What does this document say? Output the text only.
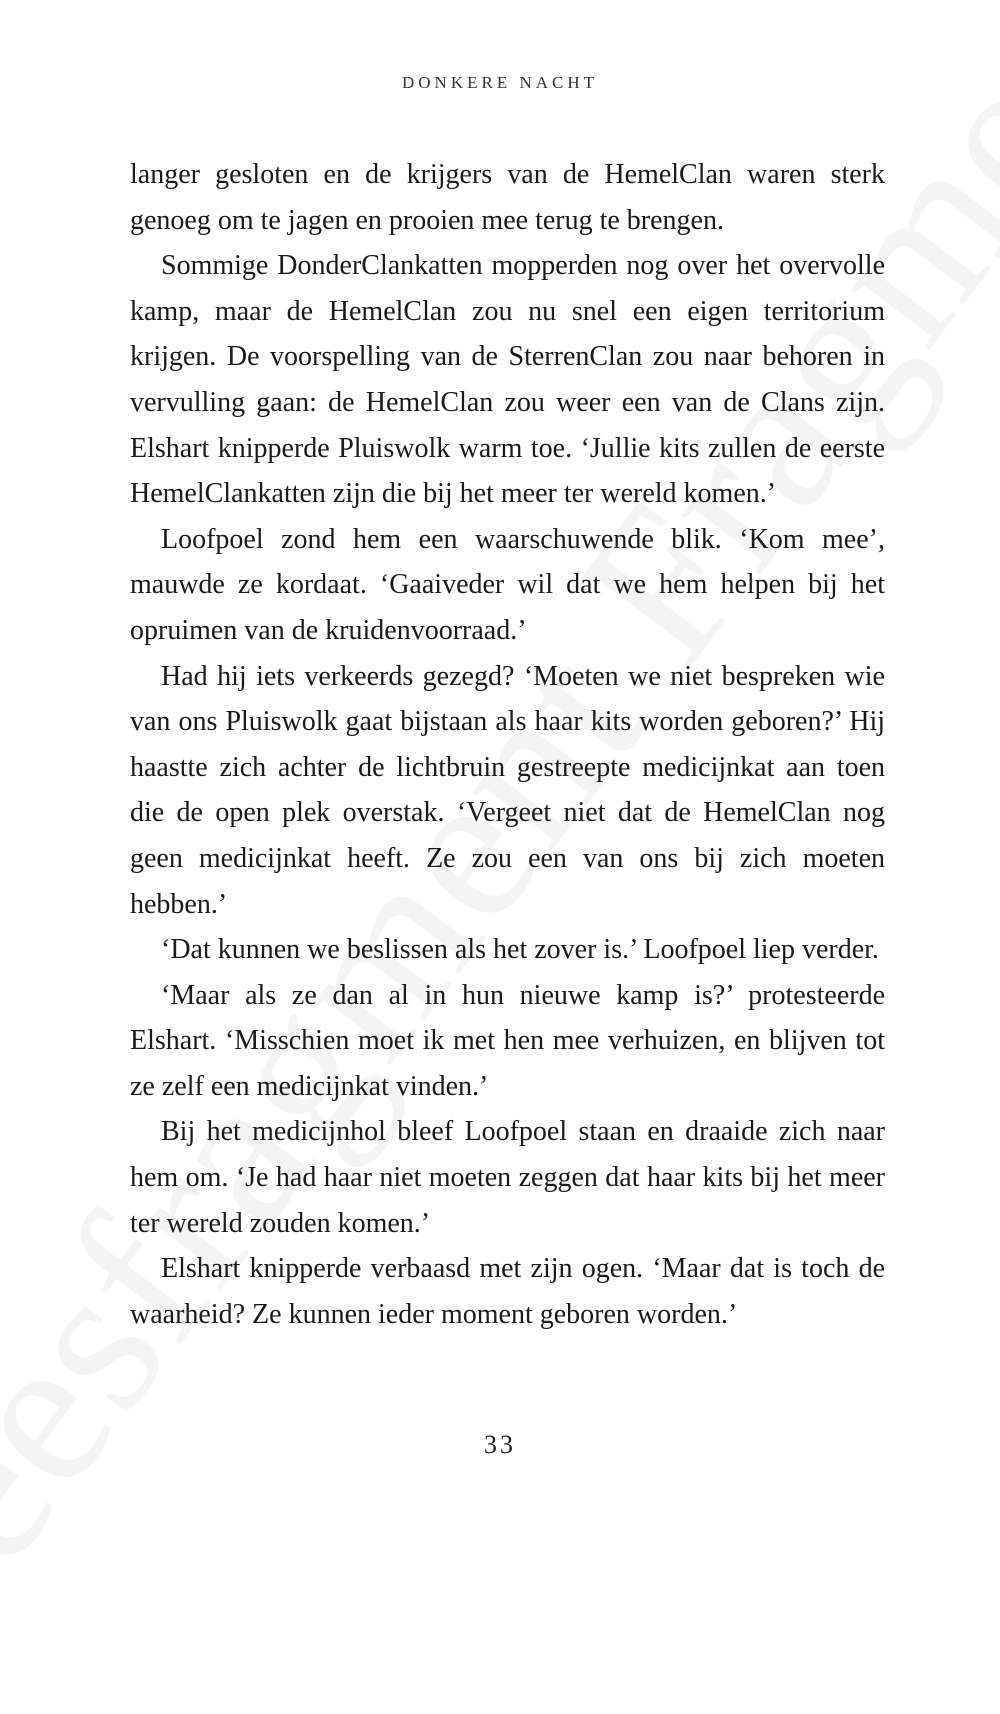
DONKERE NACHT

langer gesloten en de krijgers van de HemelClan waren sterk genoeg om te jagen en prooien mee terug te brengen.

Sommige DonderClankatten mopperden nog over het overvolle kamp, maar de HemelClan zou nu snel een eigen territorium krijgen. De voorspelling van de SterrenClan zou naar behoren in vervulling gaan: de HemelClan zou weer een van de Clans zijn. Elshart knipperde Pluiswolk warm toe. ‘Jullie kits zullen de eerste HemelClankatten zijn die bij het meer ter wereld komen.’

Loofpoel zond hem een waarschuwende blik. ‘Kom mee’, mauwde ze kordaat. ‘Gaaiveder wil dat we hem helpen bij het opruimen van de kruidenvoorraad.’

Had hij iets verkeerds gezegd? ‘Moeten we niet bespreken wie van ons Pluiswolk gaat bijstaan als haar kits worden geboren?’ Hij haastte zich achter de lichtbruin gestreepte medicijnkat aan toen die de open plek overstak. ‘Vergeet niet dat de HemelClan nog geen medicijnkat heeft. Ze zou een van ons bij zich moeten hebben.’

‘Dat kunnen we beslissen als het zover is.’ Loofpoel liep verder.

‘Maar als ze dan al in hun nieuwe kamp is?’ protesteerde Elshart. ‘Misschien moet ik met hen mee verhuizen, en blijven tot ze zelf een medicijnkat vinden.’

Bij het medicijnhol bleef Loofpoel staan en draaide zich naar hem om. ‘Je had haar niet moeten zeggen dat haar kits bij het meer ter wereld zouden komen.’

Elshart knipperde verbaasd met zijn ogen. ‘Maar dat is toch de waarheid? Ze kunnen ieder moment geboren worden.’

33
